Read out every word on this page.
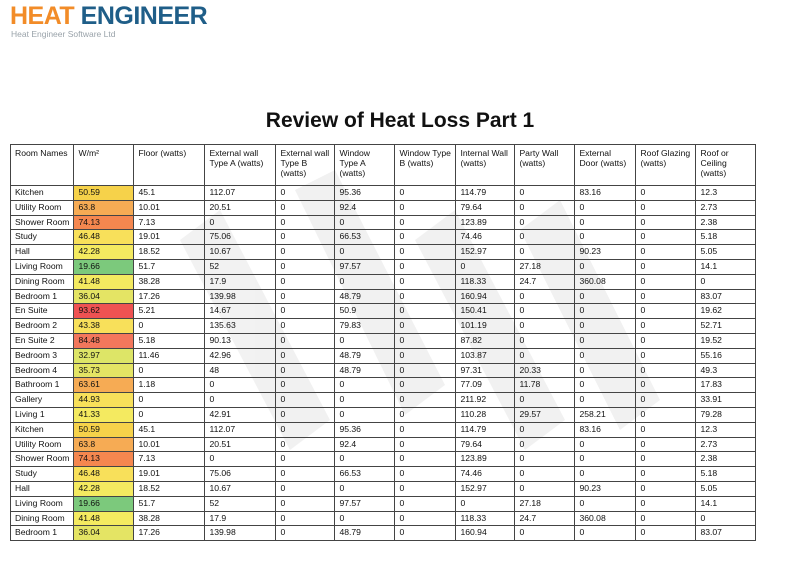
HEAT ENGINEER
Heat Engineer Software Ltd
Review of Heat Loss Part 1
Room Names	W/m²	Floor (watts)	External wall Type A (watts)	External wall Type B (watts)	Window Type A (watts)	Window Type B (watts)	Internal Wall (watts)	Party Wall (watts)	External Door (watts)	Roof Glazing (watts)	Roof or Ceiling (watts)
Kitchen	50.59	45.1	112.07	0	95.36	0	114.79	0	83.16	0	12.3
Utility Room	63.8	10.01	20.51	0	92.4	0	79.64	0	0	0	2.73
Shower Room	74.13	7.13	0	0	0	0	123.89	0	0	0	2.38
Study	46.48	19.01	75.06	0	66.53	0	74.46	0	0	0	5.18
Hall	42.28	18.52	10.67	0	0	0	152.97	0	90.23	0	5.05
Living Room	19.66	51.7	52	0	97.57	0	0	27.18	0	0	14.1
Dining Room	41.48	38.28	17.9	0	0	0	118.33	24.7	360.08	0	0
Bedroom 1	36.04	17.26	139.98	0	48.79	0	160.94	0	0	0	83.07
En Suite	93.62	5.21	14.67	0	50.9	0	150.41	0	0	0	19.62
Bedroom 2	43.38	0	135.63	0	79.83	0	101.19	0	0	0	52.71
En Suite 2	84.48	5.18	90.13	0	0	0	87.82	0	0	0	19.52
Bedroom 3	32.97	11.46	42.96	0	48.79	0	103.87	0	0	0	55.16
Bedroom 4	35.73	0	48	0	48.79	0	97.31	20.33	0	0	49.3
Bathroom 1	63.61	1.18	0	0	0	0	77.09	11.78	0	0	17.83
Gallery	44.93	0	0	0	0	0	211.92	0	0	0	33.91
Living 1	41.33	0	42.91	0	0	0	110.28	29.57	258.21	0	79.28
Kitchen	50.59	45.1	112.07	0	95.36	0	114.79	0	83.16	0	12.3
Utility Room	63.8	10.01	20.51	0	92.4	0	79.64	0	0	0	2.73
Shower Room	74.13	7.13	0	0	0	0	123.89	0	0	0	2.38
Study	46.48	19.01	75.06	0	66.53	0	74.46	0	0	0	5.18
Hall	42.28	18.52	10.67	0	0	0	152.97	0	90.23	0	5.05
Living Room	19.66	51.7	52	0	97.57	0	0	27.18	0	0	14.1
Dining Room	41.48	38.28	17.9	0	0	0	118.33	24.7	360.08	0	0
Bedroom 1	36.04	17.26	139.98	0	48.79	0	160.94	0	0	0	83.07
